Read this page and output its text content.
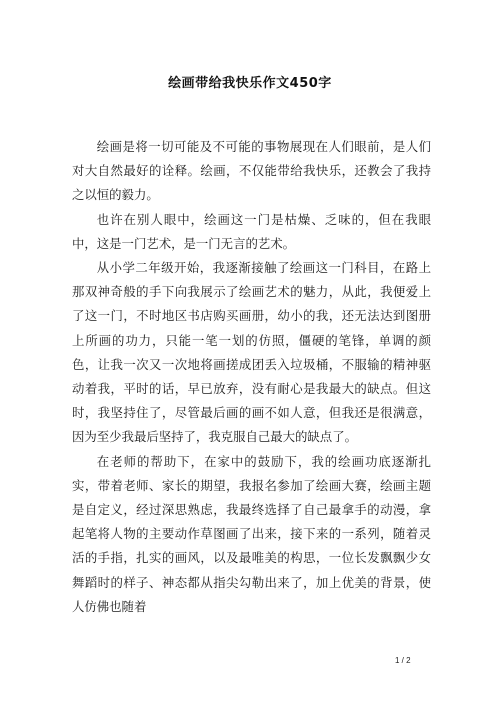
绘画带给我快乐作文450字

绘画是将一切可能及不可能的事物展现在人们眼前，是人们对大自然最好的诠释。绘画，不仅能带给我快乐，还教会了我持之以恒的毅力。

也许在别人眼中，绘画这一门是枯燥、乏味的，但在我眼中，这是一门艺术，是一门无言的艺术。

从小学二年级开始，我逐渐接触了绘画这一门科目，在路上那双神奇般的手下向我展示了绘画艺术的魅力，从此，我便爱上了这一门，不时地区书店购买画册，幼小的我，还无法达到图册上所画的功力，只能一笔一划的仿照，僵硬的笔锋，单调的颜色，让我一次又一次地将画搓成团丢入垃圾桶，不服输的精神驱动着我，平时的话，早已放弃，没有耐心是我最大的缺点。但这时，我坚持住了，尽管最后画的画不如人意，但我还是很满意，因为至少我最后坚持了，我克服自己最大的缺点了。

在老师的帮助下，在家中的鼓励下，我的绘画功底逐渐扎实，带着老师、家长的期望，我报名参加了绘画大赛，绘画主题是自定义，经过深思熟虑，我最终选择了自己最拿手的动漫，拿起笔将人物的主要动作草图画了出来，接下来的一系列，随着灵活的手指，扎实的画风，以及最唯美的构思，一位长发飘飘少女舞蹈时的样子、神态都从指尖勾勒出来了，加上优美的背景，使人仿佛也随着

1 / 2
